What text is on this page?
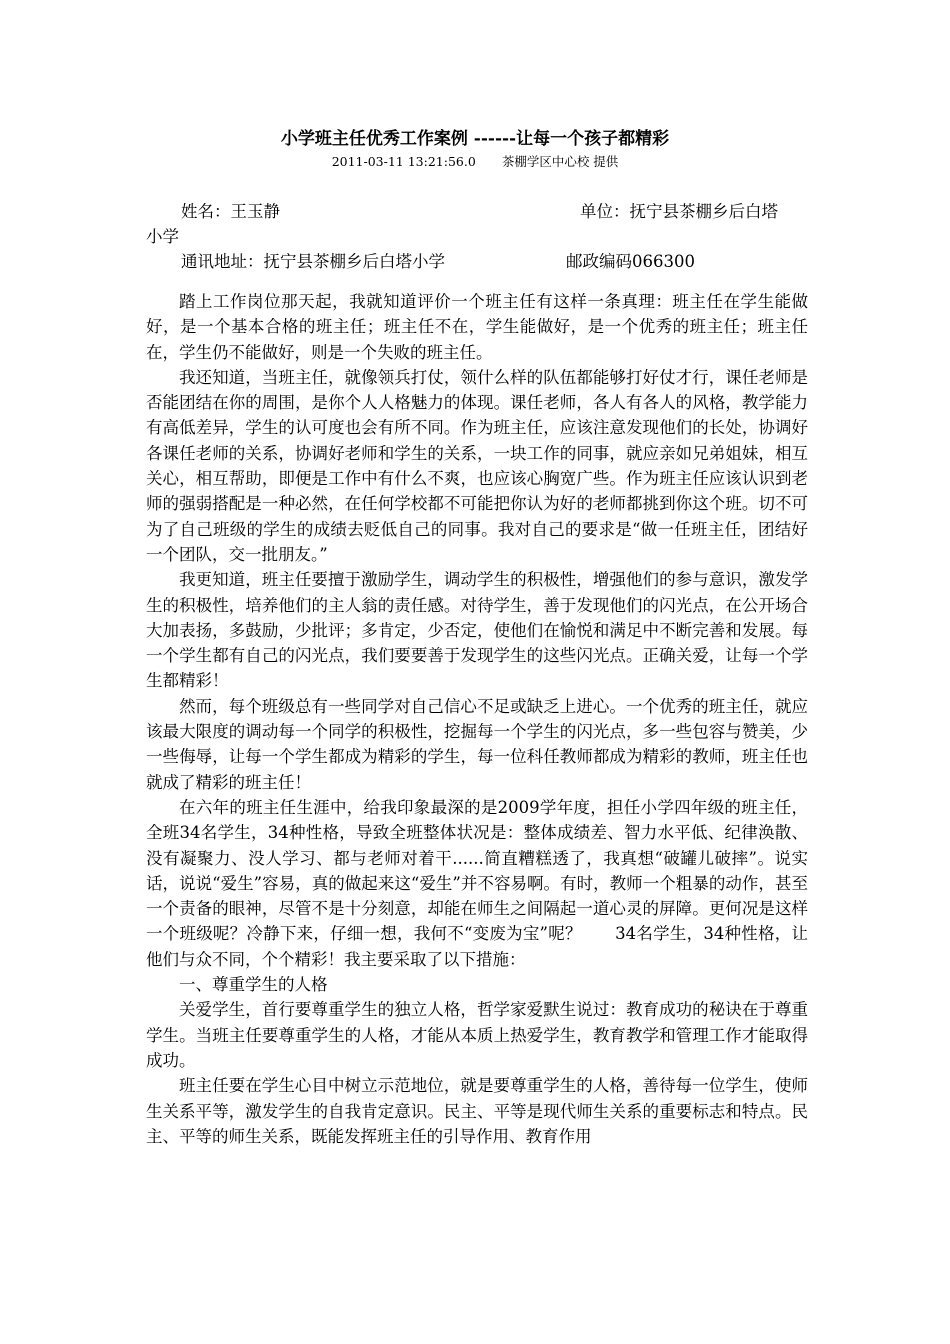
小学班主任优秀工作案例 ------让每一个孩子都精彩
2011-03-11 13:21:56.0 茶棚学区中心校 提供
姓名：王玉静	单位：抚宁县茶棚乡后白塔
小学
通讯地址：抚宁县茶棚乡后白塔小学	邮政编码066300

踏上工作岗位那天起，我就知道评价一个班主任有这样一条真理：班主任在学生能做好，是一个基本合格的班主任；班主任不在，学生能做好，是一个优秀的班主任；班主任在，学生仍不能做好，则是一个失败的班主任。

我还知道，当班主任，就像领兵打仗，领什么样的队伍都能够打好仗才行，课任老师是否能团结在你的周围，是你个人人格魅力的体现。课任老师，各人有各人的风格，教学能力有高低差异，学生的认可度也会有所不同。作为班主任，应该注意发现他们的长处，协调好各课任老师的关系，协调好老师和学生的关系，一块工作的同事，就应亲如兄弟姐妹，相互关心，相互帮助，即便是工作中有什么不爽，也应该心胸宽广些。作为班主任应该认识到老师的强弱搭配是一种必然，在任何学校都不可能把你认为好的老师都挑到你这个班。切不可为了自己班级的学生的成绩去贬低自己的同事。我对自己的要求是“做一任班主任，团结好一个团队，交一批朋友。”

我更知道，班主任要擅于激励学生，调动学生的积极性，增强他们的参与意识，激发学生的积极性，培养他们的主人翁的责任感。对待学生，善于发现他们的闪光点，在公开场合大加表扬，多鼓励，少批评；多肯定，少否定，使他们在愉悦和满足中不断完善和发展。每一个学生都有自己的闪光点，我们要要善于发现学生的这些闪光点。正确关爱，让每一个学生都精彩！

然而，每个班级总有一些同学对自己信心不足或缺乏上进心。一个优秀的班主任，就应该最大限度的调动每一个同学的积极性，挖掘每一个学生的闪光点，多一些包容与赞美，少一些侮辱，让每一个学生都成为精彩的学生，每一位科任教师都成为精彩的教师，班主任也就成了精彩的班主任！

在六年的班主任生涯中，给我印象最深的是2009学年度，担任小学四年级的班主任，全班34名学生，34种性格，导致全班整体状况是：整体成绩差、智力水平低、纪律涣散、没有凝聚力、没人学习、都与老师对着干......简直糟糕透了，我真想“破罐儿破摔”。说实话，说说“爱生”容易，真的做起来这“爱生”并不容易啊。有时，教师一个粗暴的动作，甚至一个责备的眼神，尽管不是十分刻意，却能在师生之间隔起一道心灵的屏障。更何况是这样一个班级呢？冷静下来，仔细一想，我何不“变废为宝”呢？　　34名学生，34种性格，让他们与众不同，个个精彩！我主要采取了以下措施：

一、尊重学生的人格

关爱学生，首行要尊重学生的独立人格，哲学家爱默生说过：教育成功的秘诀在于尊重学生。当班主任要尊重学生的人格，才能从本质上热爱学生，教育教学和管理工作才能取得成功。

班主任要在学生心目中树立示范地位，就是要尊重学生的人格，善待每一位学生，使师生关系平等，激发学生的自我肯定意识。民主、平等是现代师生关系的重要标志和特点。民主、平等的师生关系，既能发挥班主任的引导作用、教育作用
